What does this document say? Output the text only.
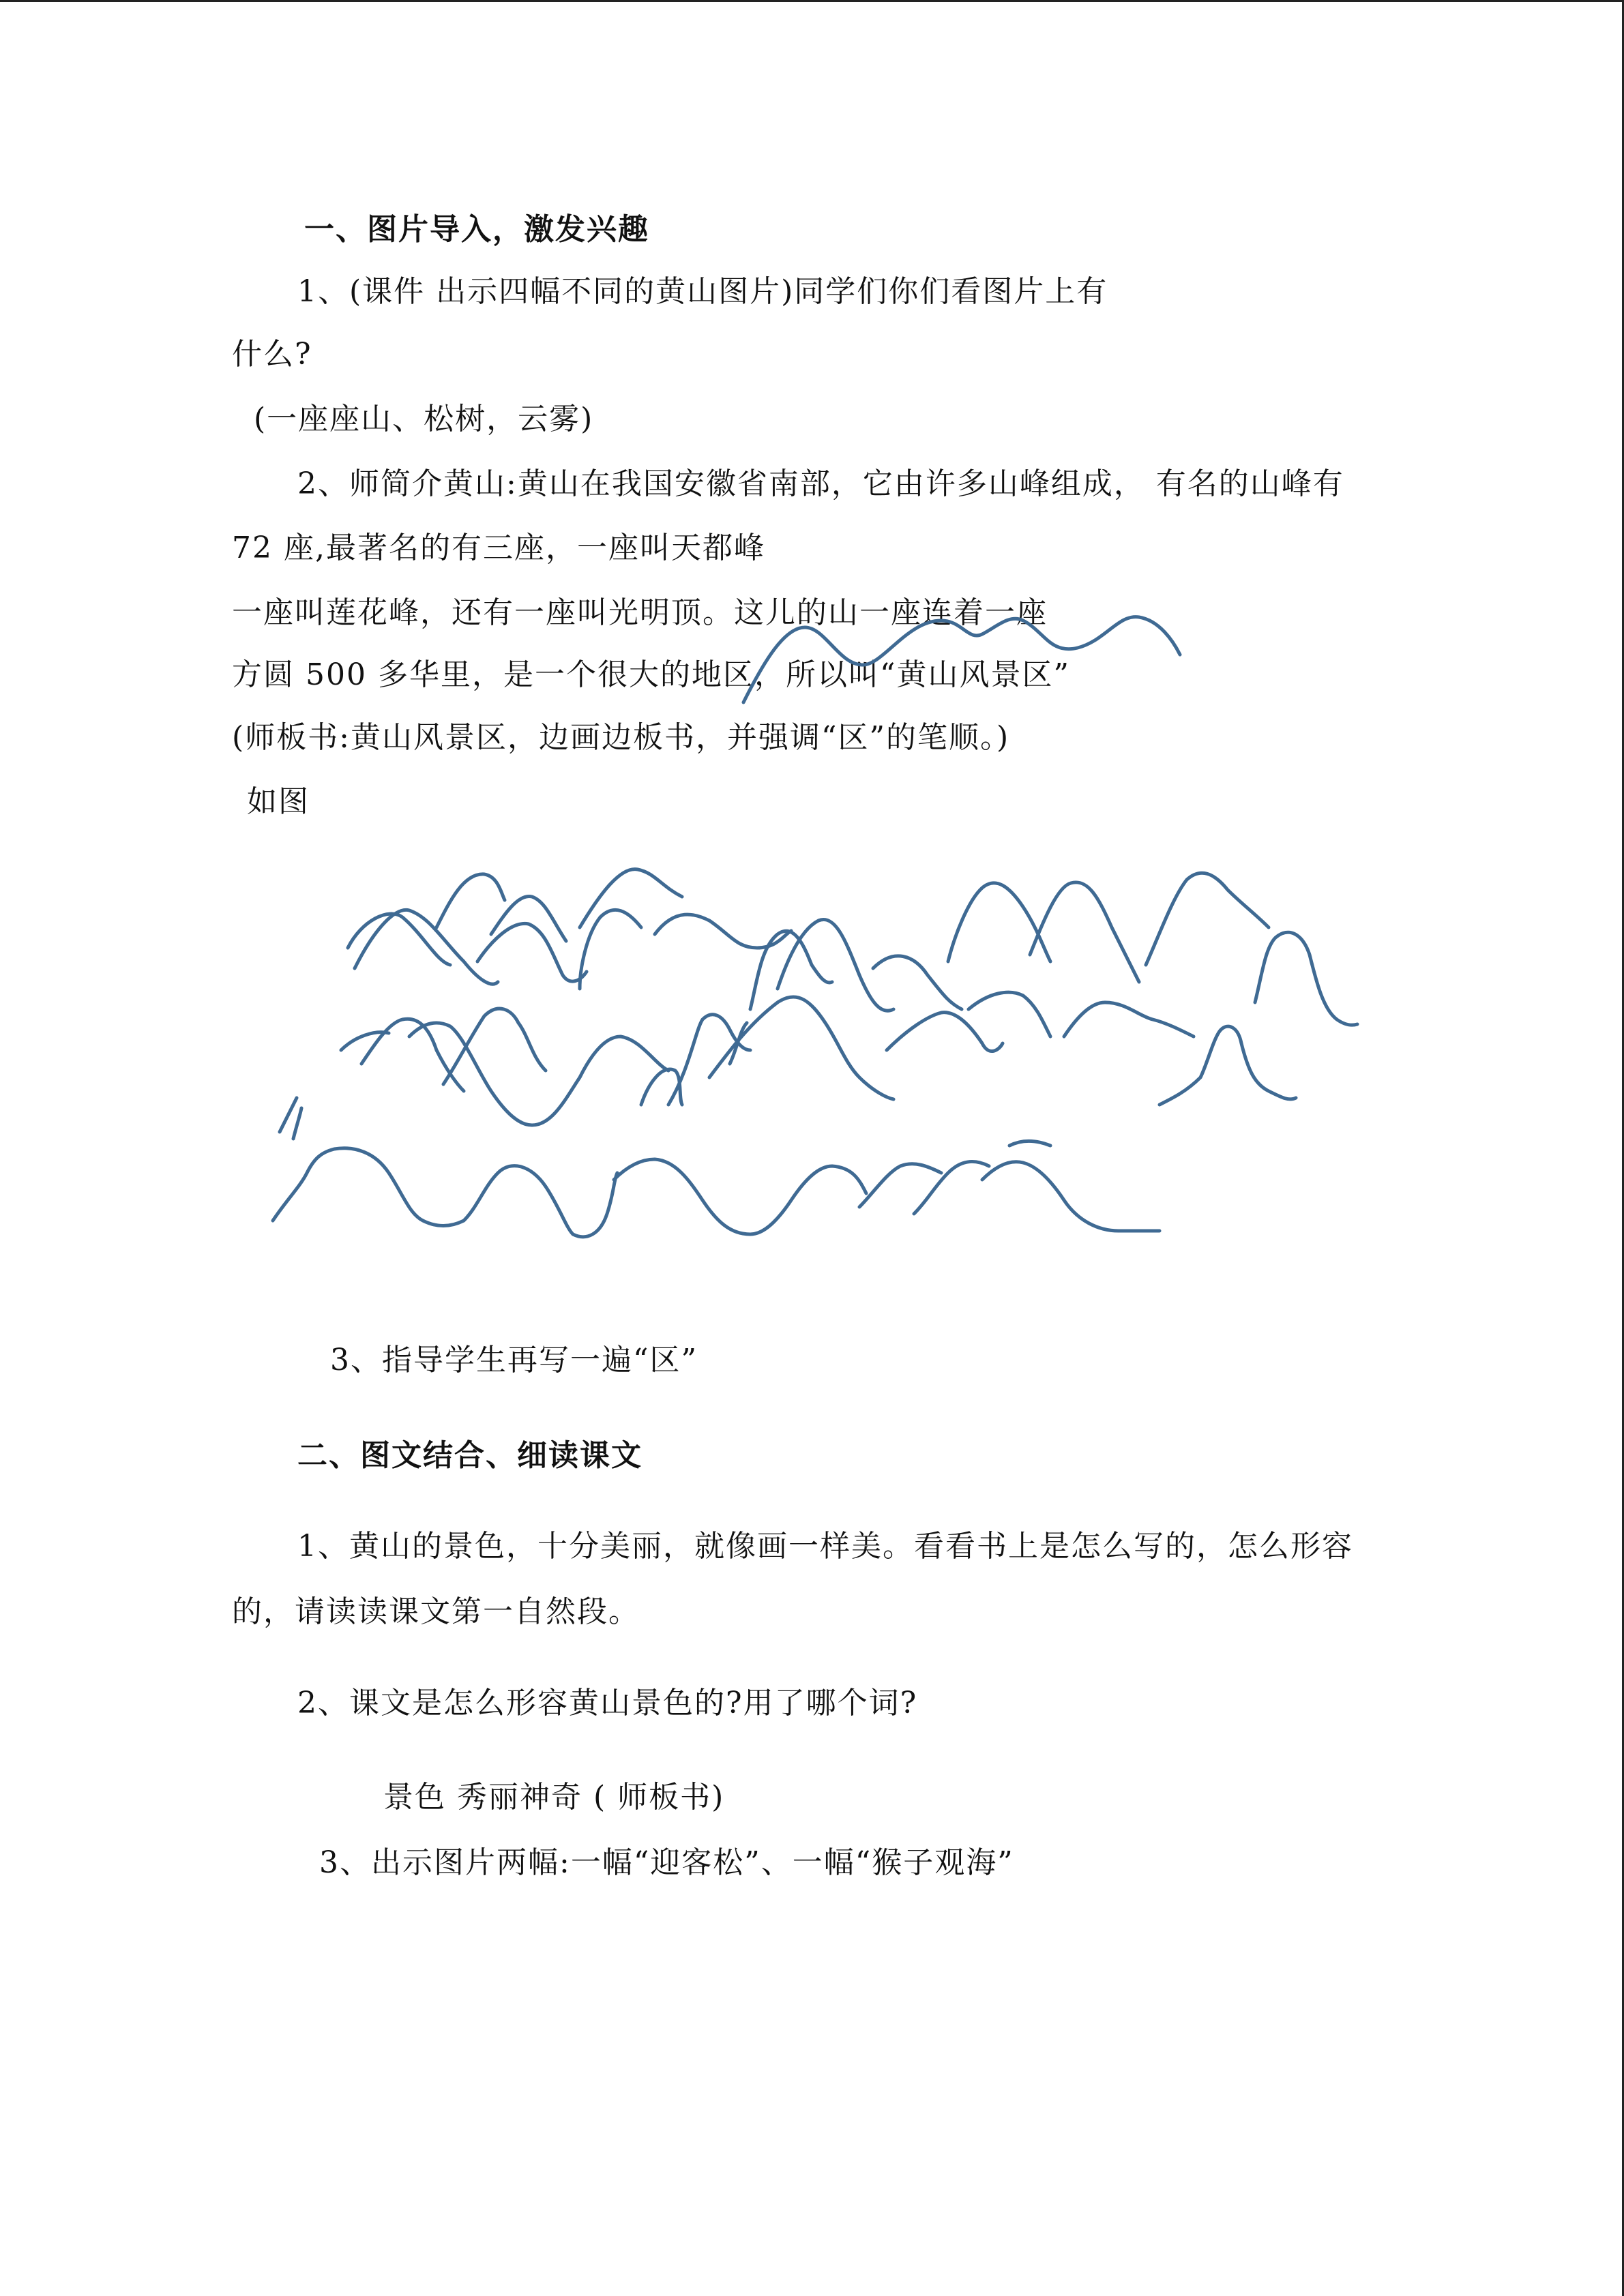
一、图片导入，激发兴趣
1、(课件 出示四幅不同的黄山图片)同学们你们看图片上有
什么?
(一座座山、松树，云雾)
2、师简介黄山:黄山在我国安徽省南部，它由许多山峰组成， 有名的山峰有
72 座,最著名的有三座，一座叫天都峰
一座叫莲花峰，还有一座叫光明顶。这儿的山一座连着一座
方圆 500 多华里，是一个很大的地区，所以叫“黄山风景区”
(师板书:黄山风景区，边画边板书，并强调“区”的笔顺。)
如图
3、指导学生再写一遍“区”
二、图文结合、细读课文
1、黄山的景色，十分美丽，就像画一样美。看看书上是怎么写的，怎么形容
的，请读读课文第一自然段。
2、课文是怎么形容黄山景色的?用了哪个词?
景色 秀丽神奇 ( 师板书)
3、出示图片两幅:一幅“迎客松”、一幅“猴子观海”
